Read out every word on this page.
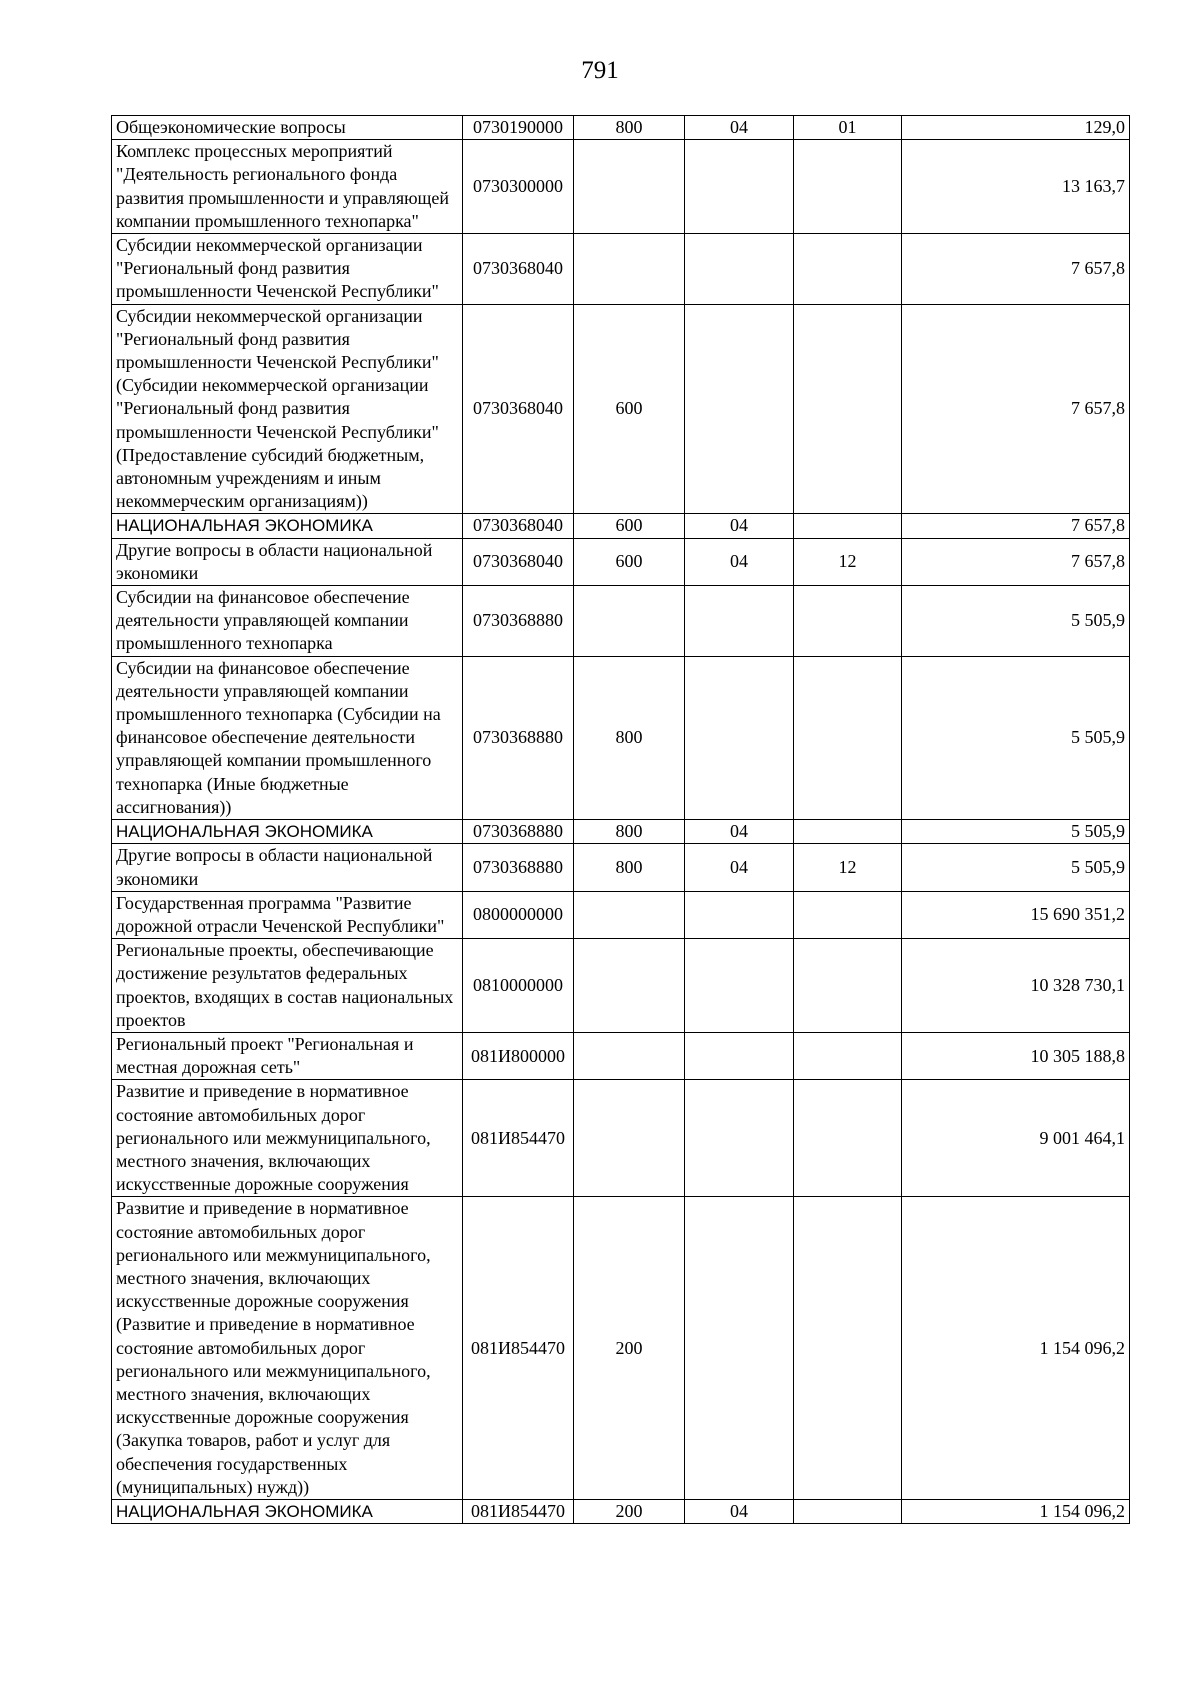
791
Общеэкономические вопросы	0730190000	800	04	01	129,0
Комплекс процессных мероприятий "Деятельность регионального фонда развития промышленности и управляющей компании промышленного технопарка"	0730300000				13 163,7
Субсидии некоммерческой организации "Региональный фонд развития промышленности Чеченской Республики"	0730368040				7 657,8
Субсидии некоммерческой организации "Региональный фонд развития промышленности Чеченской Республики" (Субсидии некоммерческой организации "Региональный фонд развития промышленности Чеченской Республики" (Предоставление субсидий бюджетным, автономным учреждениям и иным некоммерческим организациям))	0730368040	600			7 657,8
НАЦИОНАЛЬНАЯ ЭКОНОМИКА	0730368040	600	04		7 657,8
Другие вопросы в области национальной экономики	0730368040	600	04	12	7 657,8
Субсидии на финансовое обеспечение деятельности управляющей компании промышленного технопарка	0730368880				5 505,9
Субсидии на финансовое обеспечение деятельности управляющей компании промышленного технопарка (Субсидии на финансовое обеспечение деятельности управляющей компании промышленного технопарка (Иные бюджетные ассигнования))	0730368880	800			5 505,9
НАЦИОНАЛЬНАЯ ЭКОНОМИКА	0730368880	800	04		5 505,9
Другие вопросы в области национальной экономики	0730368880	800	04	12	5 505,9
Государственная программа "Развитие дорожной отрасли Чеченской Республики"	0800000000				15 690 351,2
Региональные проекты, обеспечивающие достижение результатов федеральных проектов, входящих в состав национальных проектов	0810000000				10 328 730,1
Региональный проект "Региональная и местная дорожная сеть"	081И800000				10 305 188,8
Развитие и приведение в нормативное состояние автомобильных дорог регионального или межмуниципального, местного значения, включающих искусственные дорожные сооружения	081И854470				9 001 464,1
Развитие и приведение в нормативное состояние автомобильных дорог регионального или межмуниципального, местного значения, включающих искусственные дорожные сооружения (Развитие и приведение в нормативное состояние автомобильных дорог регионального или межмуниципального, местного значения, включающих искусственные дорожные сооружения (Закупка товаров, работ и услуг для обеспечения государственных (муниципальных) нужд))	081И854470	200			1 154 096,2
НАЦИОНАЛЬНАЯ ЭКОНОМИКА	081И854470	200	04		1 154 096,2
